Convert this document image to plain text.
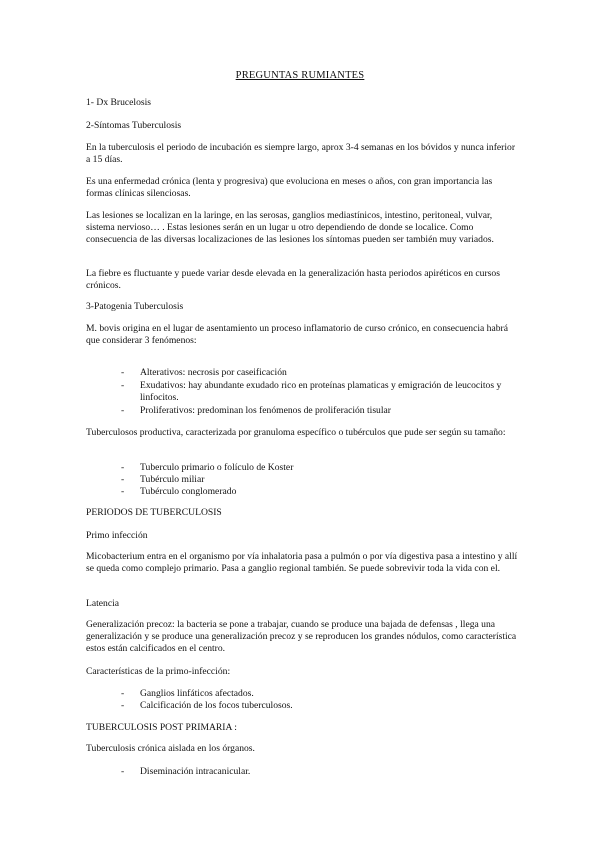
PREGUNTAS RUMIANTES

1- Dx Brucelosis

2-Síntomas Tuberculosis

En la tuberculosis el periodo de incubación es siempre largo, aprox 3-4 semanas en los bóvidos y nunca inferior a 15 días.

Es una enfermedad crónica (lenta y progresiva) que evoluciona en meses o años, con gran importancia las formas clínicas silenciosas.

Las lesiones se localizan en la laringe, en las serosas, ganglios mediastínicos, intestino, peritoneal, vulvar, sistema nervioso… . Estas lesiones serán en un lugar u otro dependiendo de donde se localice. Como consecuencia de las diversas localizaciones de las lesiones los síntomas pueden ser también muy variados.

La fiebre es fluctuante y puede variar desde elevada en la generalización hasta periodos apiréticos en cursos crónicos.

3-Patogenia Tuberculosis

M. bovis origina en el lugar de asentamiento un proceso inflamatorio de curso crónico, en consecuencia habrá que considerar 3 fenómenos:

- Alterativos: necrosis por caseificación
- Exudativos: hay abundante exudado rico en proteínas plamaticas y emigración de leucocitos y linfocitos.
- Proliferativos: predominan los fenómenos de proliferación tisular

Tuberculosos productiva, caracterizada por granuloma específico o tubérculos que pude ser según su tamaño:

- Tuberculo primario o folículo de Koster
- Tubérculo miliar
- Tubérculo conglomerado

PERIODOS DE TUBERCULOSIS

Primo infección

Micobacterium entra en el organismo por vía inhalatoria pasa a pulmón o por vía digestiva pasa a intestino y allí se queda como complejo primario. Pasa a ganglio regional también. Se puede sobrevivir toda la vida con el.

Latencia

Generalización precoz: la bacteria se pone a trabajar, cuando se produce una bajada de defensas , llega una generalización y se produce una generalización precoz y se reproducen los grandes nódulos, como característica estos están calcificados en el centro.

Características de la primo-infección:

- Ganglios linfáticos afectados.
- Calcificación de los focos tuberculosos.

TUBERCULOSIS POST PRIMARIA :

Tuberculosis crónica aislada en los órganos.

- Diseminación intracanicular.
